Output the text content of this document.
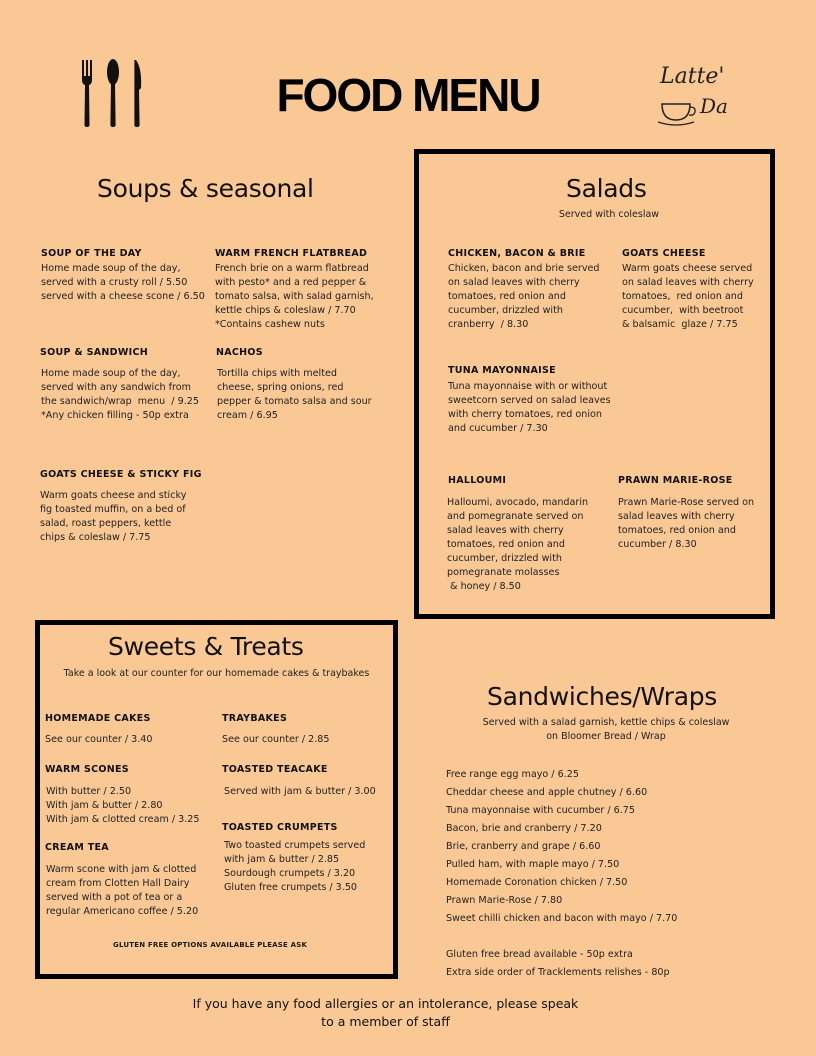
FOOD MENU	Latte'
Da
Soups & seasonal
SOUP OF THE DAY
Home made soup of the day,
served with a crusty roll / 5.50
served with a cheese scone / 6.50
WARM FRENCH FLATBREAD
French brie on a warm flatbread
with pesto* and a red pepper &
tomato salsa, with salad garnish,
kettle chips & coleslaw / 7.70
*Contains cashew nuts
SOUP & SANDWICH
Home made soup of the day,
served with any sandwich from
the sandwich/wrap  menu  / 9.25
*Any chicken filling - 50p extra
NACHOS
Tortilla chips with melted
cheese, spring onions, red
pepper & tomato salsa and sour
cream / 6.95
GOATS CHEESE & STICKY FIG
Warm goats cheese and sticky
fig toasted muffin, on a bed of
salad, roast peppers, kettle
chips & coleslaw / 7.75
Salads
Served with coleslaw
CHICKEN, BACON & BRIE
Chicken, bacon and brie served
on salad leaves with cherry
tomatoes, red onion and
cucumber, drizzled with
cranberry  / 8.30
GOATS CHEESE
Warm goats cheese served
on salad leaves with cherry
tomatoes,  red onion and
cucumber,  with beetroot
& balsamic  glaze / 7.75
TUNA MAYONNAISE
Tuna mayonnaise with or without
sweetcorn served on salad leaves
with cherry tomatoes, red onion
and cucumber / 7.30
HALLOUMI
Halloumi, avocado, mandarin
and pomegranate served on
salad leaves with cherry
tomatoes, red onion and
cucumber, drizzled with
pomegranate molasses
& honey / 8.50
PRAWN MARIE-ROSE
Prawn Marie-Rose served on
salad leaves with cherry
tomatoes, red onion and
cucumber / 8.30
Sweets & Treats
Take a look at our counter for our homemade cakes & traybakes
HOMEMADE CAKES
See our counter / 3.40
TRAYBAKES
See our counter / 2.85
WARM SCONES
With butter / 2.50
With jam & butter / 2.80
With jam & clotted cream / 3.25
TOASTED TEACAKE
Served with jam & butter / 3.00
TOASTED CRUMPETS
Two toasted crumpets served
with jam & butter / 2.85
Sourdough crumpets / 3.20
Gluten free crumpets / 3.50
CREAM TEA
Warm scone with jam & clotted
cream from Clotten Hall Dairy
served with a pot of tea or a
regular Americano coffee / 5.20
GLUTEN FREE OPTIONS AVAILABLE PLEASE ASK
Sandwiches/Wraps
Served with a salad garnish, kettle chips & coleslaw
on Bloomer Bread / Wrap
Free range egg mayo / 6.25
Cheddar cheese and apple chutney / 6.60
Tuna mayonnaise with cucumber / 6.75
Bacon, brie and cranberry / 7.20
Brie, cranberry and grape / 6.60
Pulled ham, with maple mayo / 7.50
Homemade Coronation chicken / 7.50
Prawn Marie-Rose / 7.80
Sweet chilli chicken and bacon with mayo / 7.70
Gluten free bread available - 50p extra
Extra side order of Tracklements relishes - 80p
If you have any food allergies or an intolerance, please speak
to a member of staff
